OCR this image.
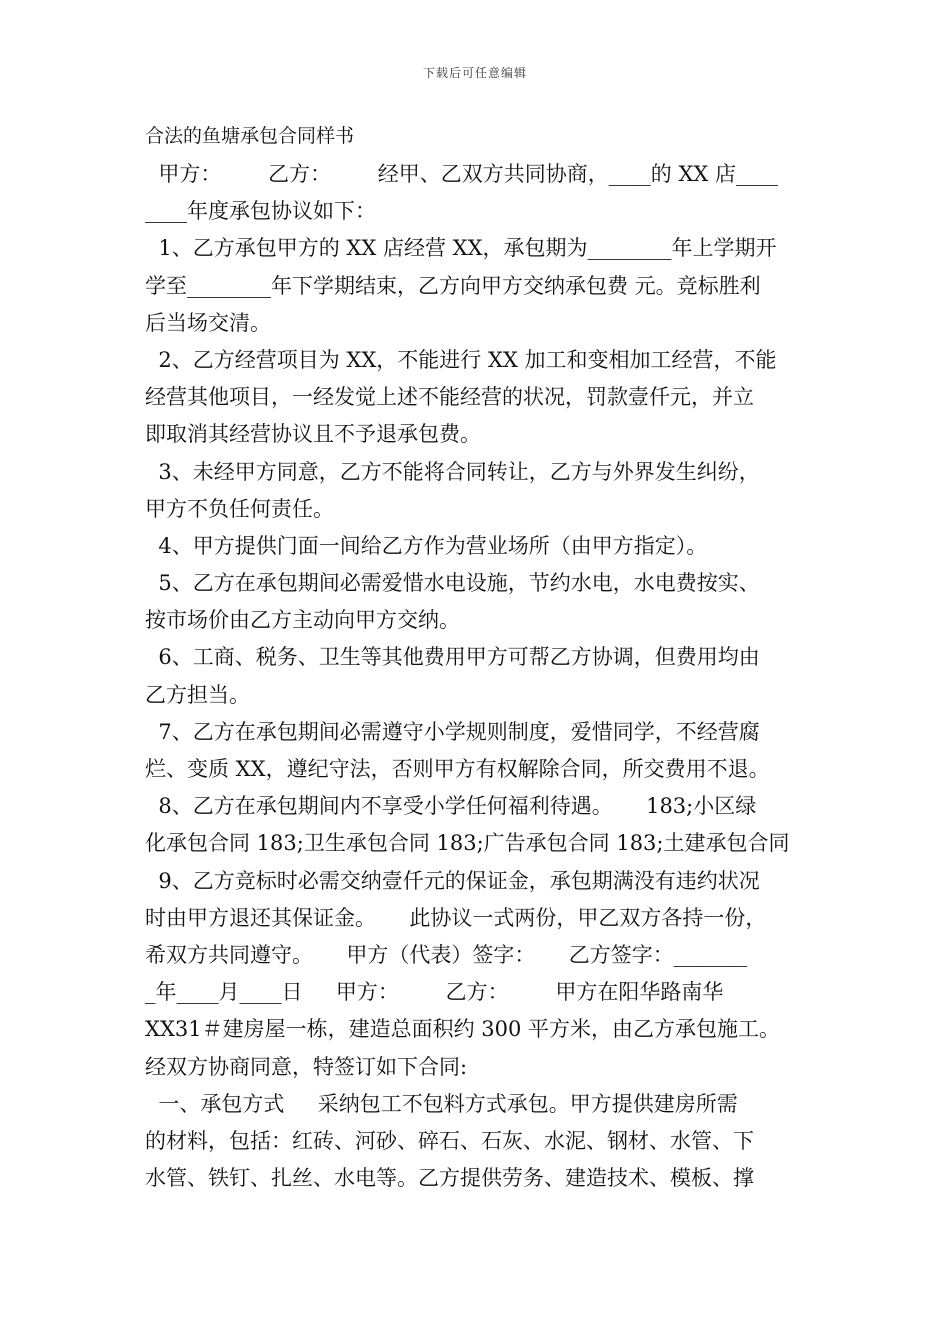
下载后可任意编辑
合法的鱼塘承包合同样书
甲方：       乙方：       经甲、乙双方共同协商，____的 XX 店____
____年度承包协议如下：
1、乙方承包甲方的 XX 店经营 XX，承包期为________年上学期开
学至________年下学期结束，乙方向甲方交纳承包费 元。竞标胜利
后当场交清。
2、乙方经营项目为 XX，不能进行 XX 加工和变相加工经营，不能
经营其他项目，一经发觉上述不能经营的状况，罚款壹仟元，并立
即取消其经营协议且不予退承包费。
3、未经甲方同意，乙方不能将合同转让，乙方与外界发生纠纷，
甲方不负任何责任。
4、甲方提供门面一间给乙方作为营业场所（由甲方指定）。
5、乙方在承包期间必需爱惜水电设施，节约水电，水电费按实、
按市场价由乙方主动向甲方交纳。
6、工商、税务、卫生等其他费用甲方可帮乙方协调，但费用均由
乙方担当。
7、乙方在承包期间必需遵守小学规则制度，爱惜同学，不经营腐
烂、变质 XX，遵纪守法，否则甲方有权解除合同，所交费用不退。
8、乙方在承包期间内不享受小学任何福利待遇。     183;小区绿
化承包合同 183;卫生承包合同 183;广告承包合同 183;土建承包合同
9、乙方竞标时必需交纳壹仟元的保证金，承包期满没有违约状况
时由甲方退还其保证金。     此协议一式两份，甲乙双方各持一份，
希双方共同遵守。     甲方（代表）签字：     乙方签字：_______
_年____月____日     甲方：       乙方：       甲方在阳华路南华
XX31＃建房屋一栋，建造总面积约 300 平方米，由乙方承包施工。
经双方协商同意，特签订如下合同:
一、承包方式     采纳包工不包料方式承包。甲方提供建房所需
的材料，包括：红砖、河砂、碎石、石灰、水泥、钢材、水管、下
水管、铁钉、扎丝、水电等。乙方提供劳务、建造技术、模板、撑
